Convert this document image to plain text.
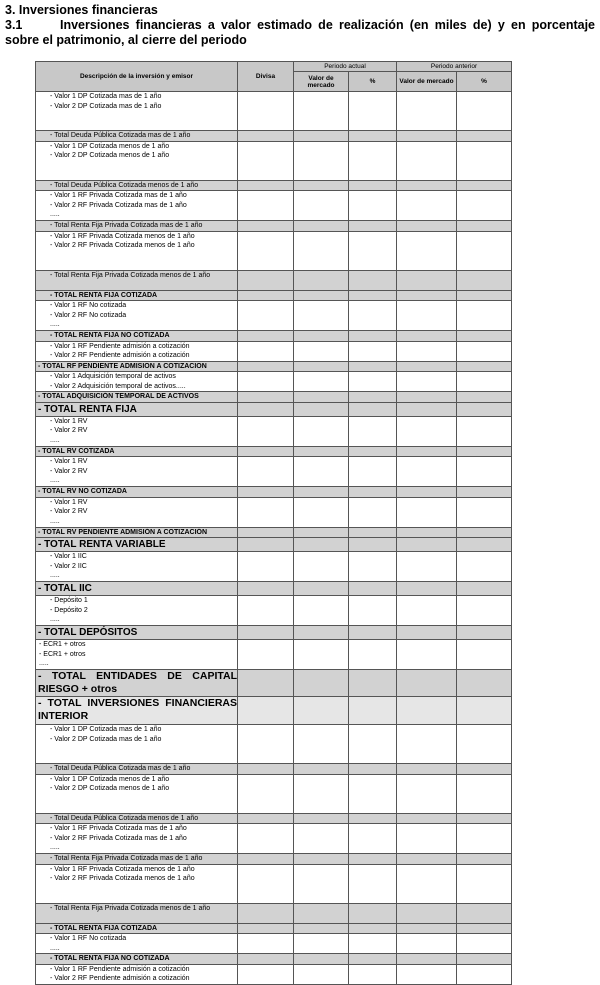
3. Inversiones financieras
3.1	Inversiones financieras a valor estimado de realización (en miles de) y en porcentaje sobre el patrimonio, al cierre del periodo
Descripción de la inversión y emisor	Divisa	Periodo actual		Periodo anterior	
		Valor de mercado	%	Valor de mercado	%

- Valor 1 DP Cotizada mas de 1 año
- Valor 2 DP Cotizada mas de 1 año					

- Total Deuda Pública Cotizada mas de 1 año					

- Valor 1 DP Cotizada menos de 1 año
- Valor 2 DP Cotizada menos de 1 año					

- Total Deuda Pública Cotizada menos de 1 año					

- Valor 1 RF Privada Cotizada mas de 1 año
- Valor 2 RF Privada Cotizada mas de 1 año
.....					

- Total Renta Fija Privada Cotizada mas de 1 año					

- Valor 1 RF Privada Cotizada menos de 1 año
- Valor 2 RF Privada Cotizada menos de 1 año					

- Total Renta Fija Privada Cotizada menos de 1 año					
- TOTAL RENTA FIJA COTIZADA					

- Valor 1 RF No cotizada
- Valor 2 RF No cotizada
.....					

- TOTAL RENTA FIJA NO COTIZADA					

- Valor 1 RF Pendiente admisión a cotización
- Valor 2 RF Pendiente admisión a cotización					

- TOTAL RF PENDIENTE ADMISION A COTIZACION					

- Valor 1 Adquisición temporal de activos
- Valor 2 Adquisición temporal de activos.....					

- TOTAL ADQUISICIÓN TEMPORAL DE ACTIVOS					
- TOTAL RENTA FIJA					

- Valor 1 RV
- Valor 2 RV
.....					

- TOTAL RV COTIZADA					

- Valor 1 RV
- Valor 2 RV
.....					

- TOTAL RV NO COTIZADA					

- Valor 1 RV
- Valor 2 RV
.....					

- TOTAL RV PENDIENTE ADMISIÓN A COTIZACIÓN					
- TOTAL RENTA VARIABLE					

- Valor 1 IIC
- Valor 2 IIC
.....					

- TOTAL IIC					

- Depósito 1
- Depósito 2
.....					

- TOTAL DEPÓSITOS					

- ECR1 + otros
- ECR1 + otros
.....					

- TOTAL ENTIDADES DE CAPITAL RIESGO + otros					
- TOTAL INVERSIONES FINANCIERAS INTERIOR					

- Valor 1 DP Cotizada mas de 1 año
- Valor 2 DP Cotizada mas de 1 año					

- Total Deuda Pública Cotizada mas de 1 año					

- Valor 1 DP Cotizada menos de 1 año
- Valor 2 DP Cotizada menos de 1 año					

- Total Deuda Pública Cotizada menos de 1 año					

- Valor 1 RF Privada Cotizada mas de 1 año
- Valor 2 RF Privada Cotizada mas de 1 año
.....					

- Total Renta Fija Privada Cotizada mas de 1 año					

- Valor 1 RF Privada Cotizada menos de 1 año
- Valor 2 RF Privada Cotizada menos de 1 año					

- Total Renta Fija Privada Cotizada menos de 1 año					
- TOTAL RENTA FIJA COTIZADA					

- Valor 1 RF No cotizada
.....					

- TOTAL RENTA FIJA NO COTIZADA					

- Valor 1 RF Pendiente admisión a cotización
- Valor 2 RF Pendiente admisión a cotización					
